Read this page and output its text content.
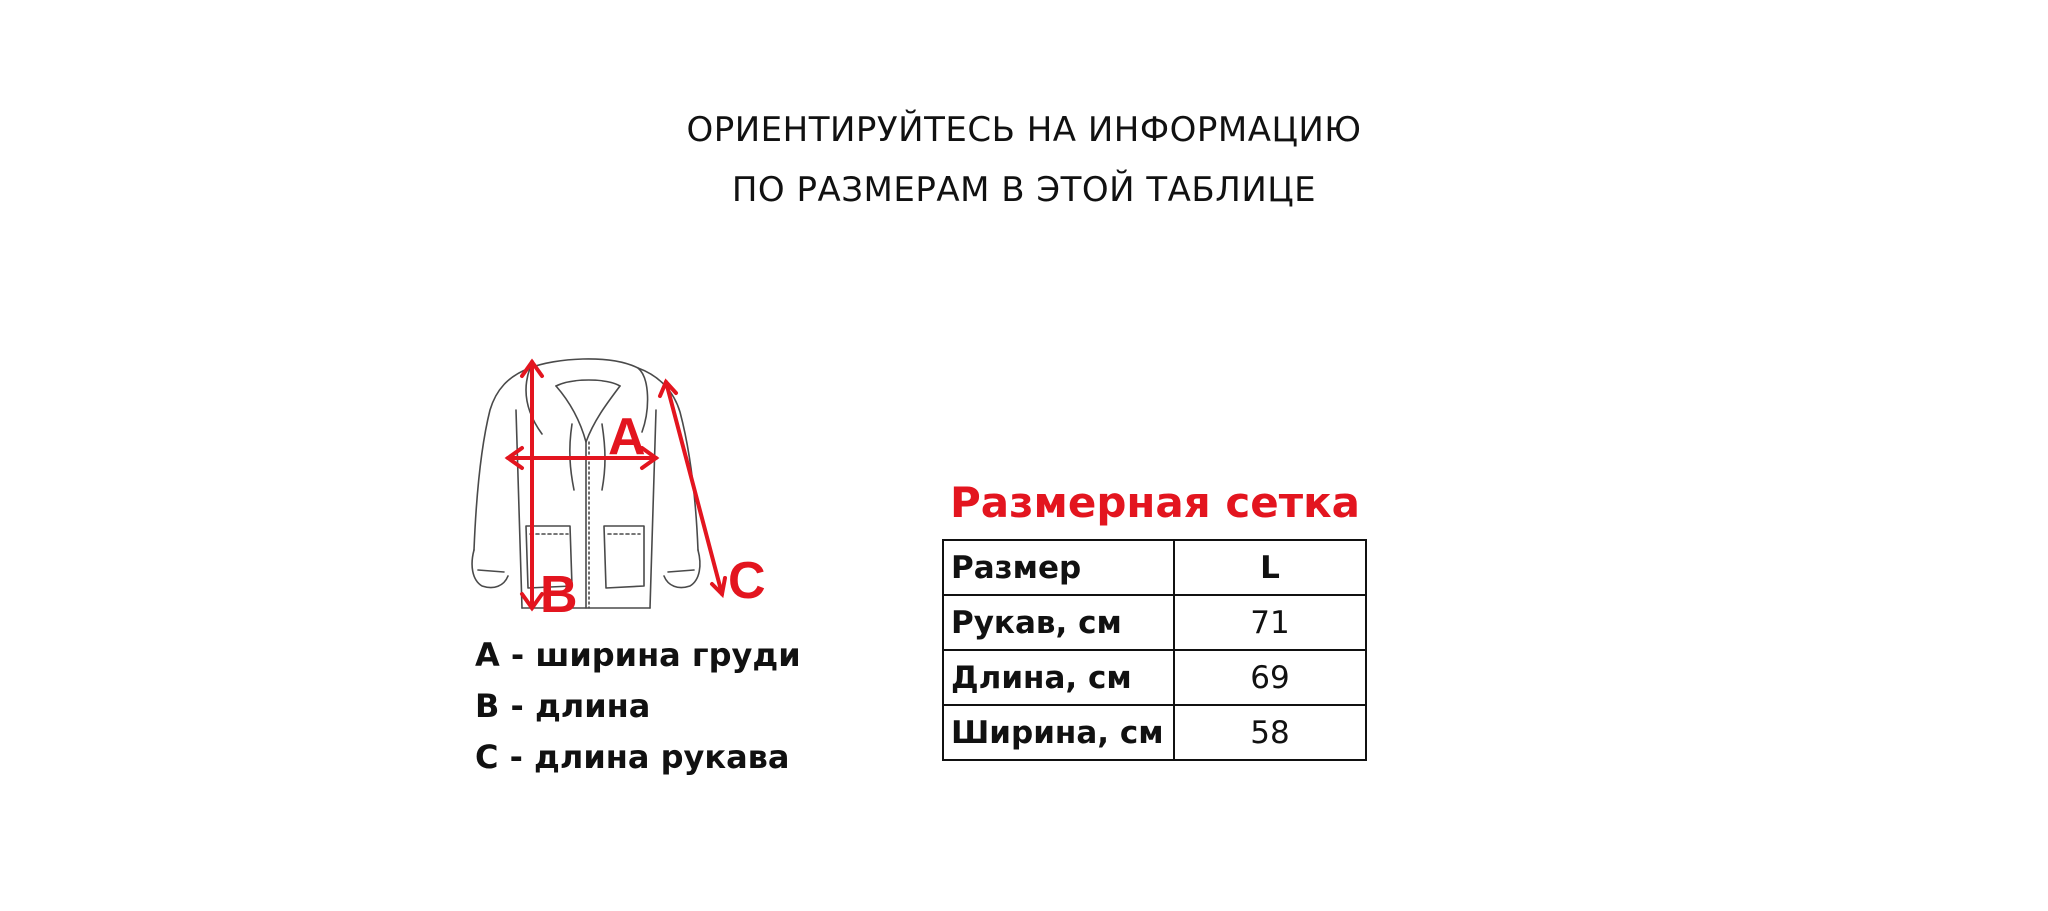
ОРИЕНТИРУЙТЕСЬ НА ИНФОРМАЦИЮ
ПО РАЗМЕРАМ В ЭТОЙ ТАБЛИЦЕ
A
B	C
A - ширина груди
B - длина
C - длина рукава
Размерная сетка
Размер	L
Рукав, см	71
Длина, см	69
Ширина, см	58
